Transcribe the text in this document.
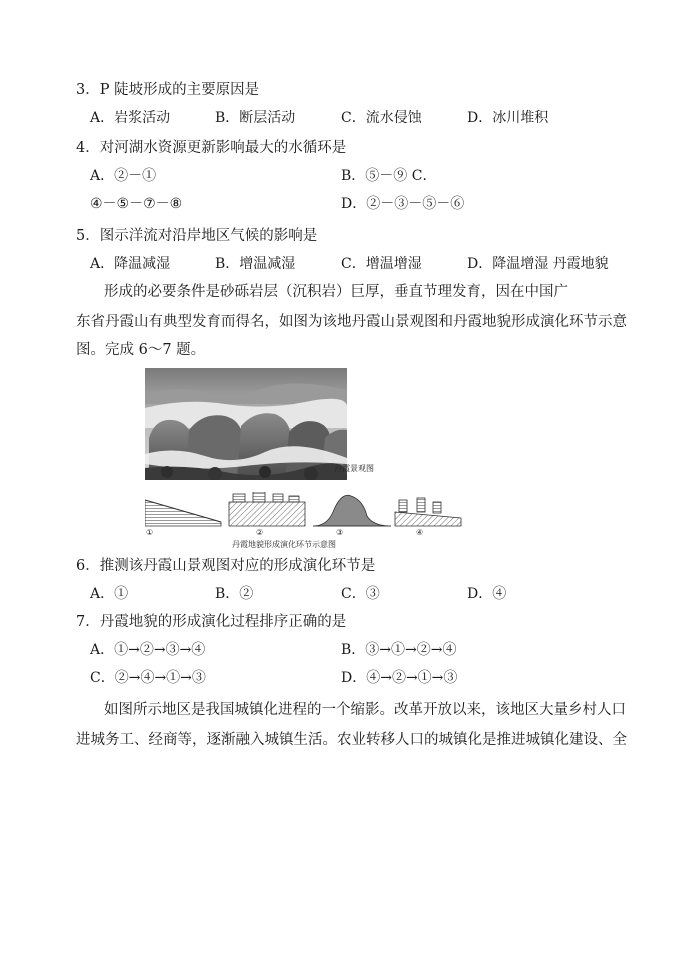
3．P 陡坡形成的主要原因是
A．岩浆活动	B．断层活动	C．流水侵蚀	D．冰川堆积
4．对河湖水资源更新影响最大的水循环是
A．②－①	B．⑤－⑨ C．
④－⑤－⑦－⑧	D．②－③－⑤－⑥
5．图示洋流对沿岸地区气候的影响是
A．降温减湿	B．增温减湿	C．增温增湿	D．降温增湿 丹霞地貌
形成的必要条件是砂砾岩层（沉积岩）巨厚，垂直节理发育，因在中国广
东省丹霞山有典型发育而得名，如图为该地丹霞山景观图和丹霞地貌形成演化环节示意
图。完成 6～7 题。
丹霞景观图
①	②	③	④
丹霞地貌形成演化环节示意图
6．推测该丹霞山景观图对应的形成演化环节是
A．①	B．②	C．③	D．④
7．丹霞地貌的形成演化过程排序正确的是
A．①→②→③→④	B．③→①→②→④
C．②→④→①→③	D．④→②→①→③
如图所示地区是我国城镇化进程的一个缩影。改革开放以来，该地区大量乡村人口
进城务工、经商等，逐渐融入城镇生活。农业转移人口的城镇化是推进城镇化建设、全
